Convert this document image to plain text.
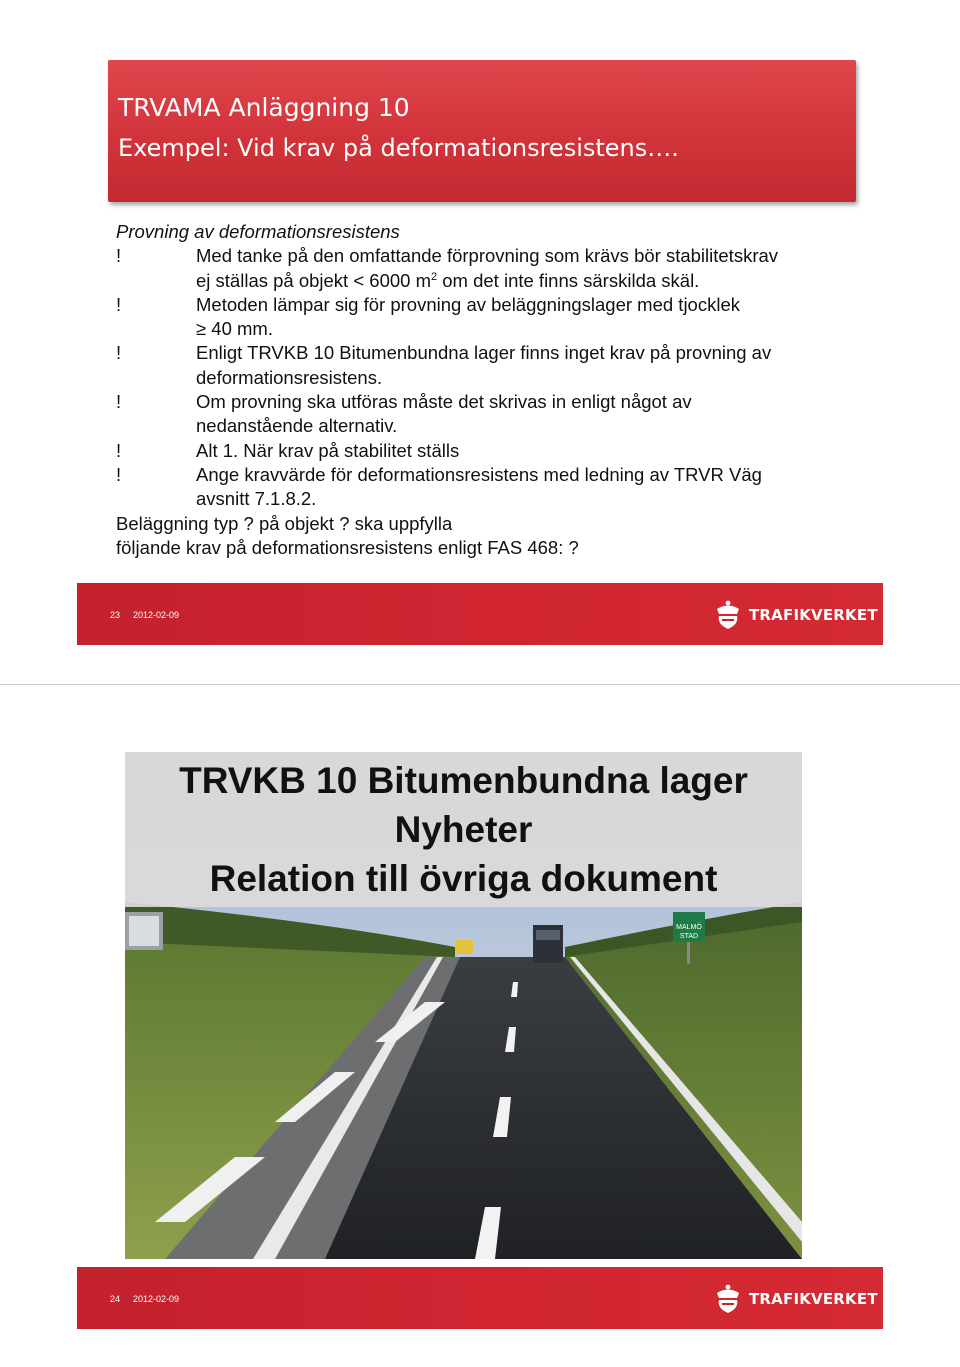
TRVAMA Anläggning 10
Exempel: Vid krav på deformationsresistens….
Provning av deformationsresistens
!	Med tanke på den omfattande förprovning som krävs bör stabilitetskrav
ej ställas på objekt < 6000 $m^2$ om det inte finns särskilda skäl.
!	Metoden lämpar sig för provning av beläggningslager med tjocklek
≥ 40 mm.
!	Enligt TRVKB 10 Bitumenbundna lager finns inget krav på provning av
deformationsresistens.
!	Om provning ska utföras måste det skrivas in enligt något av
nedanstående alternativ.
!	Alt 1. När krav på stabilitet ställs
!	Ange kravvärde för deformationsresistens med ledning av TRVR Väg
avsnitt 7.1.8.2.
Beläggning typ ? på objekt ? ska uppfylla
följande krav på deformationsresistens enligt FAS 468: ?
23 2012-02-09	TRAFIKVERKET
MALMÖ
STAD
TRVKB 10 Bitumenbundna lager
Nyheter
Relation till övriga dokument
24 2012-02-09	TRAFIKVERKET
